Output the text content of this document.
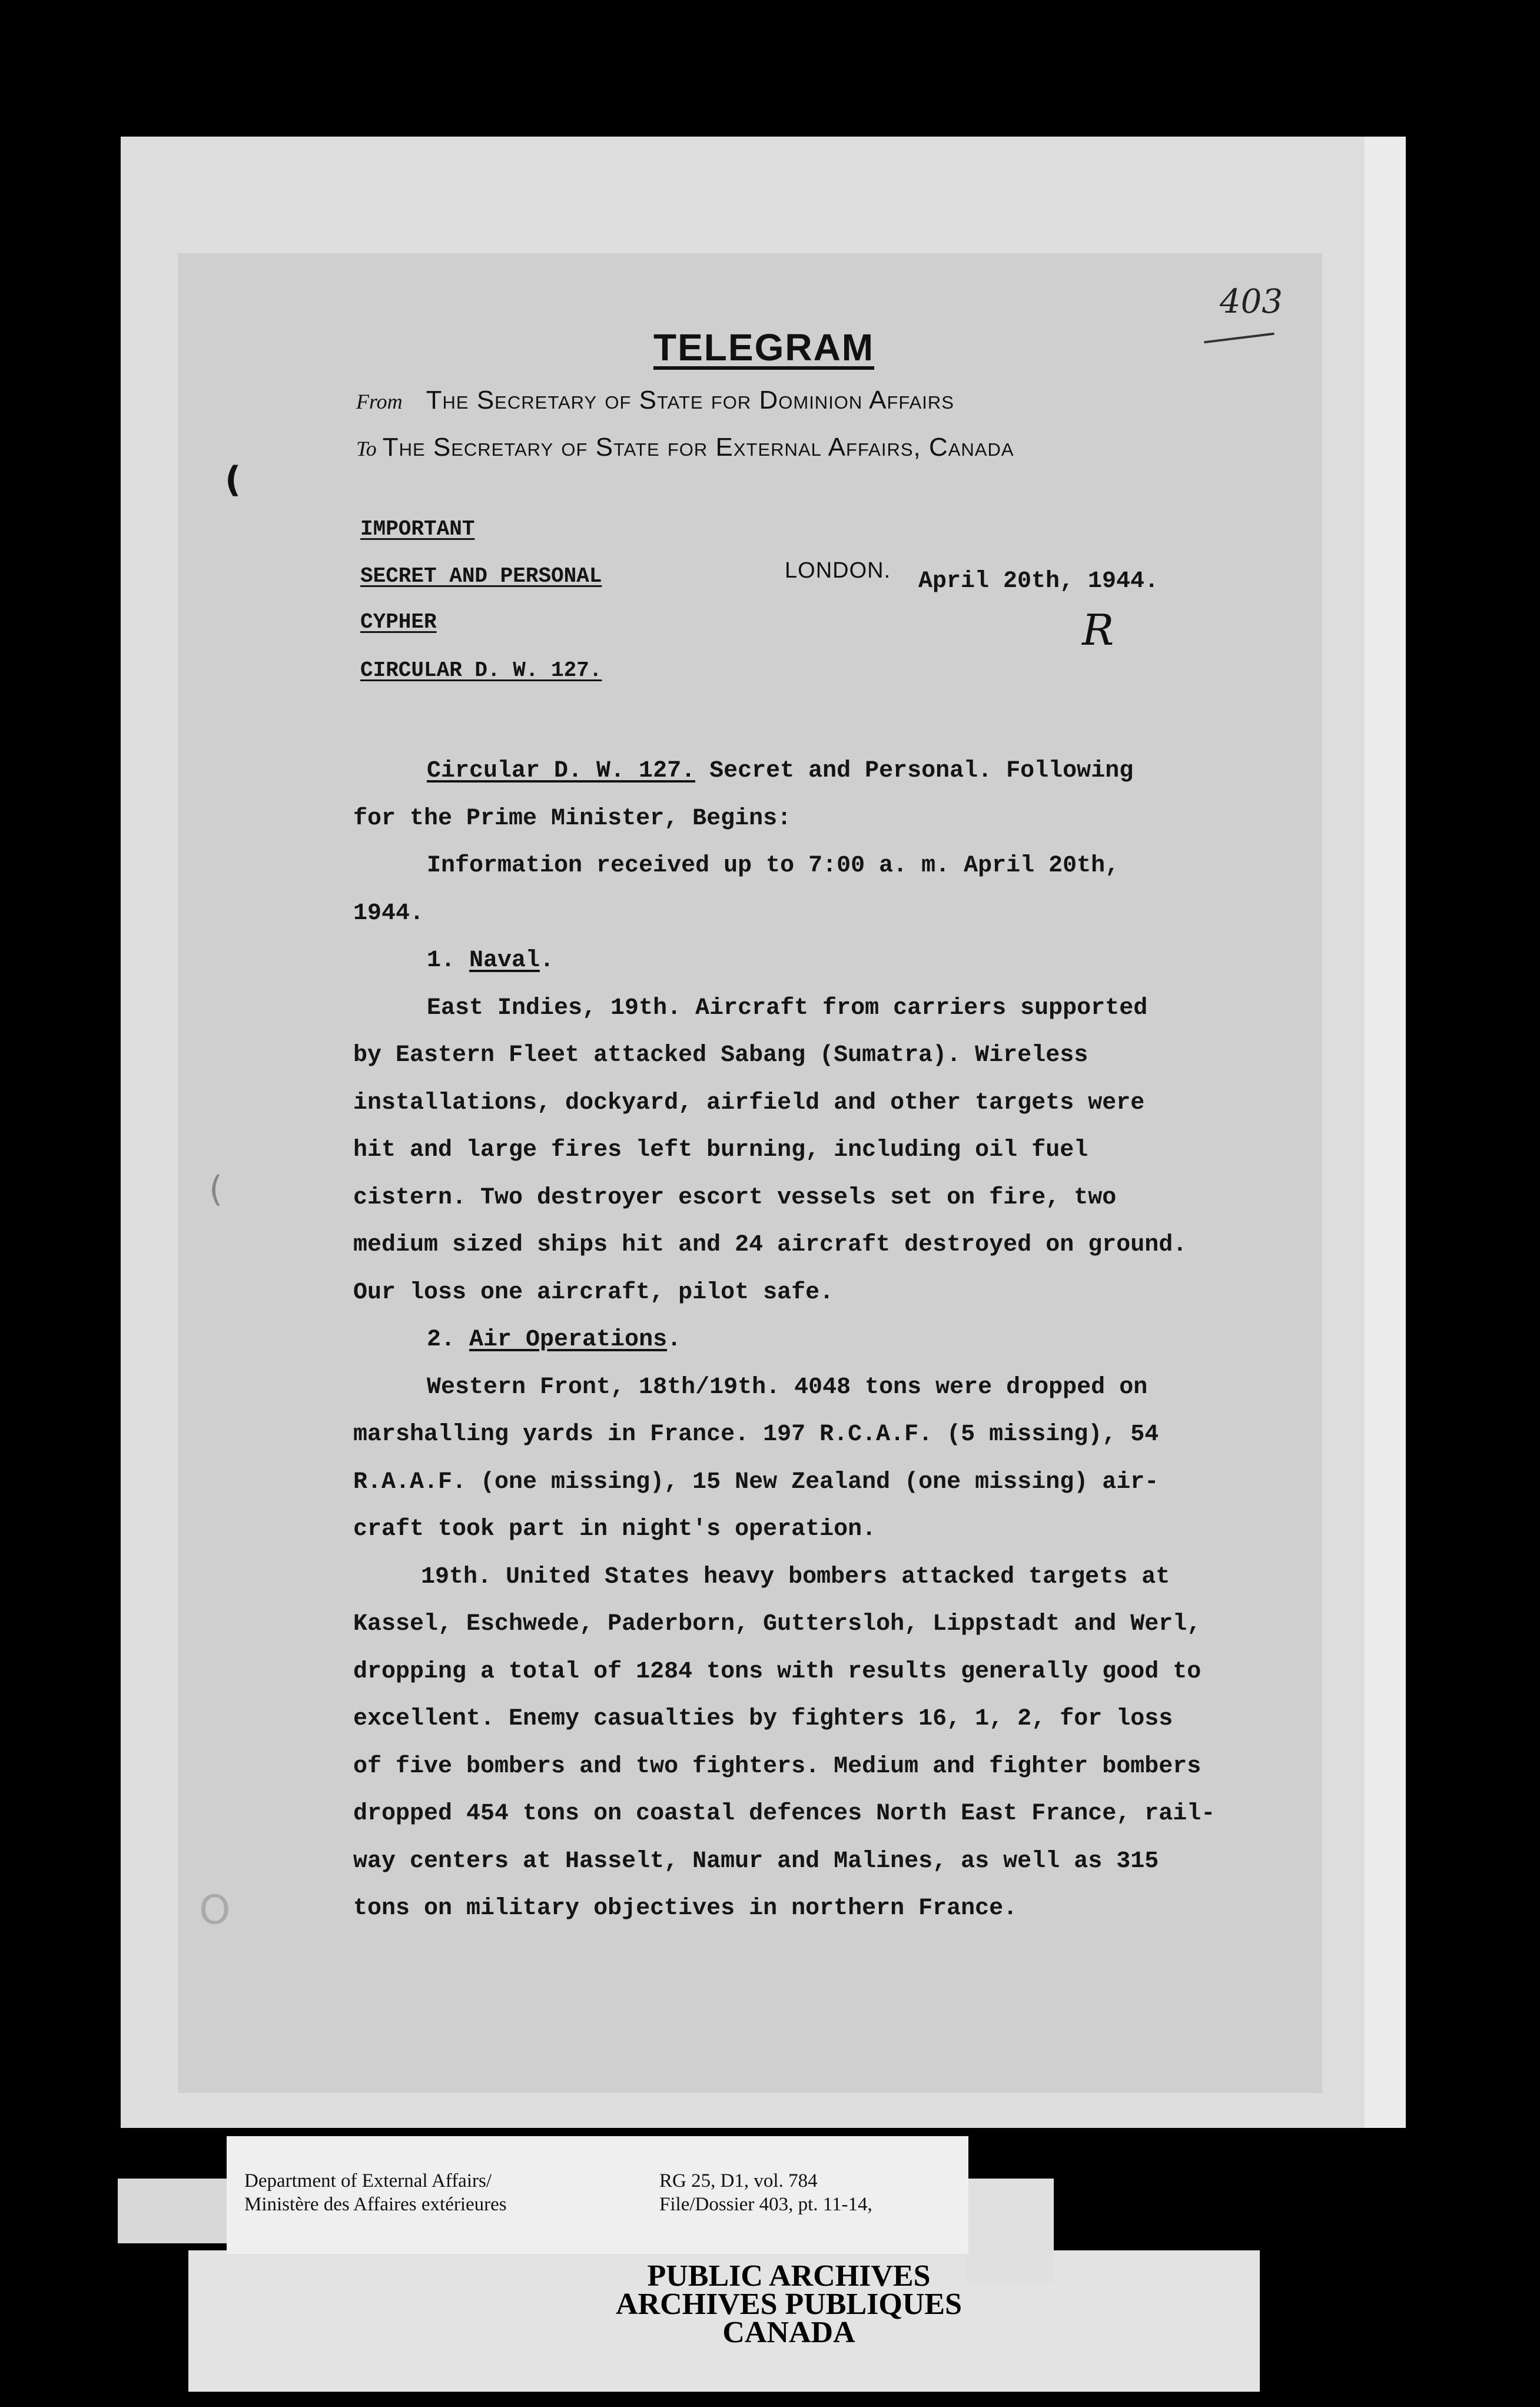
(
(
O
403
TELEGRAM
From The Secretary of State for Dominion Affairs
To The Secretary of State for External Affairs, Canada
IMPORTANT
SECRET AND PERSONAL
CYPHER
CIRCULAR D. W. 127.
LONDON. April 20th, 1944.
R

Circular D. W. 127. Secret and Personal. Following

for the Prime Minister, Begins:

Information received up to 7:00 a. m. April 20th,

1944.

1. Naval.

East Indies, 19th. Aircraft from carriers supported

by Eastern Fleet attacked Sabang (Sumatra). Wireless

installations, dockyard, airfield and other targets were

hit and large fires left burning, including oil fuel

cistern. Two destroyer escort vessels set on fire, two

medium sized ships hit and 24 aircraft destroyed on ground.

Our loss one aircraft, pilot safe.

2. Air Operations.

Western Front, 18th/19th. 4048 tons were dropped on

marshalling yards in France. 197 R.C.A.F. (5 missing), 54

R.A.A.F. (one missing), 15 New Zealand (one missing) air-

craft took part in night's operation.

19th. United States heavy bombers attacked targets at

Kassel, Eschwede, Paderborn, Guttersloh, Lippstadt and Werl,

dropping a total of 1284 tons with results generally good to

excellent. Enemy casualties by fighters 16, 1, 2, for loss

of five bombers and two fighters. Medium and fighter bombers

dropped 454 tons on coastal defences North East France, rail-

way centers at Hasselt, Namur and Malines, as well as 315

tons on military objectives in northern France.

PUBLIC ARCHIVES
ARCHIVES PUBLIQUES
CANADA
Department of External Affairs/
Ministère des Affaires extérieures
RG 25, D1, vol. 784
File/Dossier 403, pt. 11-14,
